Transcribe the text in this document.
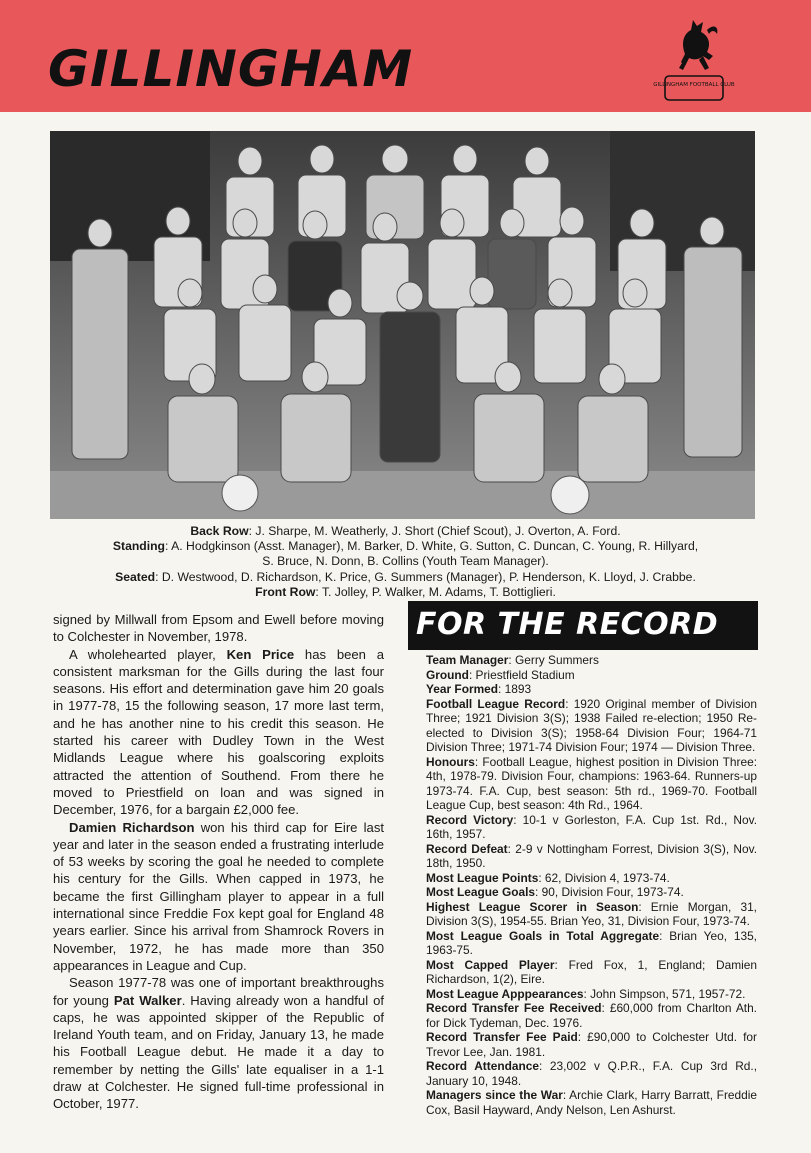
GILLINGHAM	GILLINGHAM FOOTBALL CLUB
Back Row: J. Sharpe, M. Weatherly, J. Short (Chief Scout), J. Overton, A. Ford.
Standing: A. Hodgkinson (Asst. Manager), M. Barker, D. White, G. Sutton, C. Duncan, C. Young, R. Hillyard,
S. Bruce, N. Donn, B. Collins (Youth Team Manager).
Seated: D. Westwood, D. Richardson, K. Price, G. Summers (Manager), P. Henderson, K. Lloyd, J. Crabbe.
Front Row: T. Jolley, P. Walker, M. Adams, T. Bottiglieri.

signed by Millwall from Epsom and Ewell before moving to Colchester in November, 1978.

A wholehearted player, Ken Price has been a consistent marksman for the Gills during the last four seasons. His effort and determination gave him 20 goals in 1977-78, 15 the following season, 17 more last term, and he has another nine to his credit this season. He started his career with Dudley Town in the West Midlands League where his goalscoring exploits attracted the attention of Southend. From there he moved to Priestfield on loan and was signed in December, 1976, for a bargain £2,000 fee.

Damien Richardson won his third cap for Eire last year and later in the season ended a frustrating interlude of 53 weeks by scoring the goal he needed to complete his century for the Gills. When capped in 1973, he became the first Gillingham player to appear in a full international since Freddie Fox kept goal for England 48 years earlier. Since his arrival from Shamrock Rovers in November, 1972, he has made more than 350 appearances in League and Cup.

Season 1977-78 was one of important breakthroughs for young Pat Walker. Having already won a handful of caps, he was appointed skipper of the Republic of Ireland Youth team, and on Friday, January 13, he made his Football League debut. He made it a day to remember by netting the Gills' late equaliser in a 1-1 draw at Colchester. He signed full-time professional in October, 1977.

FOR THE RECORD
Team Manager: Gerry Summers
Ground: Priestfield Stadium
Year Formed: 1893
Football League Record: 1920 Original member of Division Three; 1921 Division 3(S); 1938 Failed re-election; 1950 Re-elected to Division 3(S); 1958-64 Division Four; 1964-71 Division Three; 1971-74 Division Four; 1974 — Division Three.
Honours: Football League, highest position in Division Three: 4th, 1978-79. Division Four, champions: 1963-64. Runners-up 1973-74. F.A. Cup, best season: 5th rd., 1969-70. Football League Cup, best season: 4th Rd., 1964.
Record Victory: 10-1 v Gorleston, F.A. Cup 1st. Rd., Nov. 16th, 1957.
Record Defeat: 2-9 v Nottingham Forrest, Division 3(S), Nov. 18th, 1950.
Most League Points: 62, Division 4, 1973-74.
Most League Goals: 90, Division Four, 1973-74.
Highest League Scorer in Season: Ernie Morgan, 31, Division 3(S), 1954-55. Brian Yeo, 31, Division Four, 1973-74.
Most League Goals in Total Aggregate: Brian Yeo, 135, 1963-75.
Most Capped Player: Fred Fox, 1, England; Damien Richardson, 1(2), Eire.
Most League Apppearances: John Simpson, 571, 1957-72.
Record Transfer Fee Received: £60,000 from Charlton Ath. for Dick Tydeman, Dec. 1976.
Record Transfer Fee Paid: £90,000 to Colchester Utd. for Trevor Lee, Jan. 1981.
Record Attendance: 23,002 v Q.P.R., F.A. Cup 3rd Rd., January 10, 1948.
Managers since the War: Archie Clark, Harry Barratt, Freddie Cox, Basil Hayward, Andy Nelson, Len Ashurst.
